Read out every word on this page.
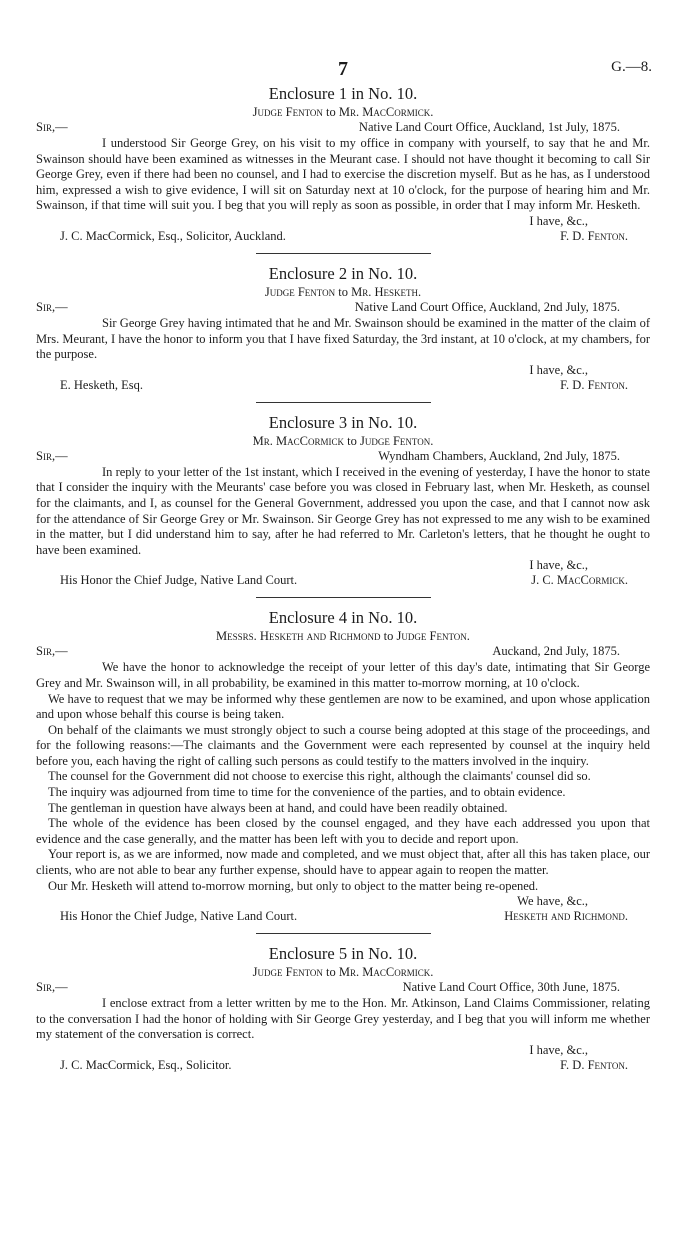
7	G.—8.
Enclosure 1 in No. 10.
Judge Fenton to Mr. MacCormick.
Sir,—	Native Land Court Office, Auckland, 1st July, 1875.
I understood Sir George Grey, on his visit to my office in company with yourself, to say that he and Mr. Swainson should have been examined as witnesses in the Meurant case. I should not have thought it becoming to call Sir George Grey, even if there had been no counsel, and I had to exercise the discretion myself. But as he has, as I understood him, expressed a wish to give evidence, I will sit on Saturday next at 10 o'clock, for the purpose of hearing him and Mr. Swainson, if that time will suit you. I beg that you will reply as soon as possible, in order that I may inform Mr. Hesketh.
I have, &c.,
J. C. MacCormick, Esq., Solicitor, Auckland.	F. D. Fenton.
Enclosure 2 in No. 10.
Judge Fenton to Mr. Hesketh.
Sir,—	Native Land Court Office, Auckland, 2nd July, 1875.
Sir George Grey having intimated that he and Mr. Swainson should be examined in the matter of the claim of Mrs. Meurant, I have the honor to inform you that I have fixed Saturday, the 3rd instant, at 10 o'clock, at my chambers, for the purpose.
I have, &c.,
E. Hesketh, Esq.	F. D. Fenton.
Enclosure 3 in No. 10.
Mr. MacCormick to Judge Fenton.
Sir,—	Wyndham Chambers, Auckland, 2nd July, 1875.
In reply to your letter of the 1st instant, which I received in the evening of yesterday, I have the honor to state that I consider the inquiry with the Meurants' case before you was closed in February last, when Mr. Hesketh, as counsel for the claimants, and I, as counsel for the General Government, addressed you upon the case, and that I cannot now ask for the attendance of Sir George Grey or Mr. Swainson. Sir George Grey has not expressed to me any wish to be examined in the matter, but I did understand him to say, after he had referred to Mr. Carleton's letters, that he thought he ought to have been examined.
I have, &c.,
His Honor the Chief Judge, Native Land Court.	J. C. MacCormick.
Enclosure 4 in No. 10.
Messrs. Hesketh and Richmond to Judge Fenton.
Sir,—	Auckand, 2nd July, 1875.
We have the honor to acknowledge the receipt of your letter of this day's date, intimating that Sir George Grey and Mr. Swainson will, in all probability, be examined in this matter to-morrow morning, at 10 o'clock.
We have to request that we may be informed why these gentlemen are now to be examined, and upon whose application and upon whose behalf this course is being taken.
On behalf of the claimants we must strongly object to such a course being adopted at this stage of the proceedings, and for the following reasons:—The claimants and the Government were each represented by counsel at the inquiry held before you, each having the right of calling such persons as could testify to the matters involved in the inquiry.
The counsel for the Government did not choose to exercise this right, although the claimants' counsel did so.
The inquiry was adjourned from time to time for the convenience of the parties, and to obtain evidence.
The gentleman in question have always been at hand, and could have been readily obtained.
The whole of the evidence has been closed by the counsel engaged, and they have each addressed you upon that evidence and the case generally, and the matter has been left with you to decide and report upon.
Your report is, as we are informed, now made and completed, and we must object that, after all this has taken place, our clients, who are not able to bear any further expense, should have to appear again to reopen the matter.
Our Mr. Hesketh will attend to-morrow morning, but only to object to the matter being re-opened.
We have, &c.,
His Honor the Chief Judge, Native Land Court.	Hesketh and Richmond.
Enclosure 5 in No. 10.
Judge Fenton to Mr. MacCormick.
Sir,—	Native Land Court Office, 30th June, 1875.
I enclose extract from a letter written by me to the Hon. Mr. Atkinson, Land Claims Commissioner, relating to the conversation I had the honor of holding with Sir George Grey yesterday, and I beg that you will inform me whether my statement of the conversation is correct.
I have, &c.,
J. C. MacCormick, Esq., Solicitor.	F. D. Fenton.
